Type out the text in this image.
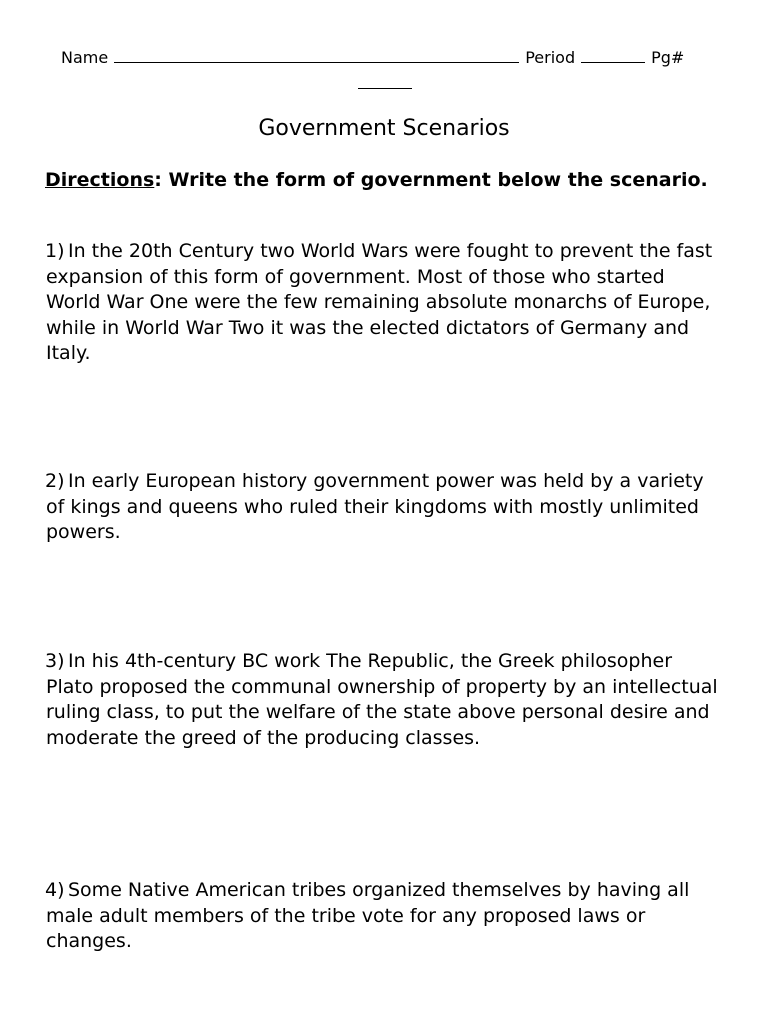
Name	Period	Pg#
Government Scenarios
Directions: Write the form of government below the scenario.
1) In the 20th Century two World Wars were fought to prevent the fast expansion of this form of government. Most of those who started World War One were the few remaining absolute monarchs of Europe, while in World War Two it was the elected dictators of Germany and Italy.
2) In early European history government power was held by a variety of kings and queens who ruled their kingdoms with mostly unlimited powers.
3) In his 4th-century BC work The Republic, the Greek philosopher Plato proposed the communal ownership of property by an intellectual ruling class, to put the welfare of the state above personal desire and moderate the greed of the producing classes.
4) Some Native American tribes organized themselves by having all male adult members of the tribe vote for any proposed laws or changes.
